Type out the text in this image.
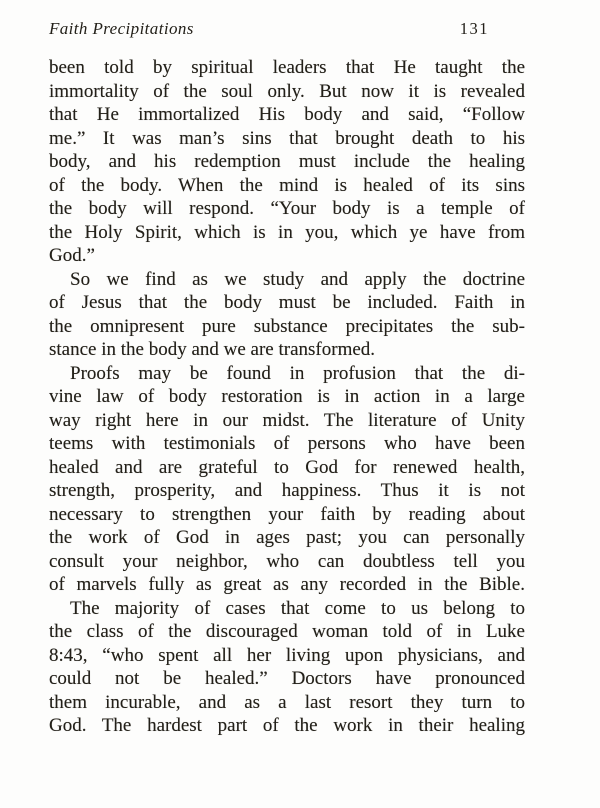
Faith Precipitations	131
been told by spiritual leaders that He taught the
immortality of the soul only. But now it is revealed
that He immortalized His body and said, “Follow
me.” It was man’s sins that brought death to his
body, and his redemption must include the healing
of the body. When the mind is healed of its sins
the body will respond. “Your body is a temple of
the Holy Spirit, which is in you, which ye have from
God.”
So we find as we study and apply the doctrine
of Jesus that the body must be included. Faith in
the omnipresent pure substance precipitates the sub-
stance in the body and we are transformed.
Proofs may be found in profusion that the di-
vine law of body restoration is in action in a large
way right here in our midst. The literature of Unity
teems with testimonials of persons who have been
healed and are grateful to God for renewed health,
strength, prosperity, and happiness. Thus it is not
necessary to strengthen your faith by reading about
the work of God in ages past; you can personally
consult your neighbor, who can doubtless tell you
of marvels fully as great as any recorded in the Bible.
The majority of cases that come to us belong to
the class of the discouraged woman told of in Luke
8:43, “who spent all her living upon physicians, and
could not be healed.” Doctors have pronounced
them incurable, and as a last resort they turn to
God. The hardest part of the work in their healing
